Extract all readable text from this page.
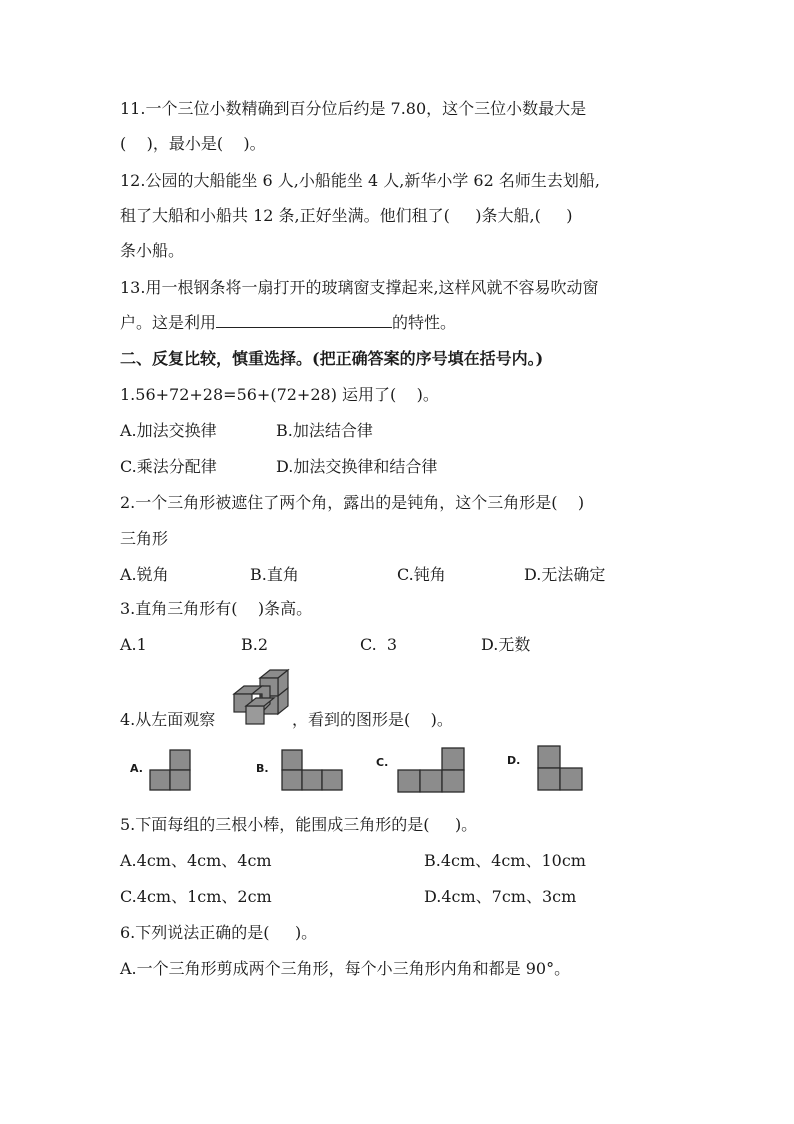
11.一个三位小数精确到百分位后约是 7.80，这个三位小数最大是
(    )，最小是(    )。
12.公园的大船能坐 6 人,小船能坐 4 人,新华小学 62 名师生去划船,
租了大船和小船共 12 条,正好坐满。他们租了(     )条大船,(     )
条小船。
13.用一根钢条将一扇打开的玻璃窗支撑起来,这样风就不容易吹动窗
户。这是利用	的特性。
二、反复比较，慎重选择。(把正确答案的序号填在括号内。)
1.56+72+28=56+(72+28) 运用了(    )。
A.加法交换律	B.加法结合律
C.乘法分配律	D.加法交换律和结合律
2.一个三角形被遮住了两个角，露出的是钝角，这个三角形是(    )
三角形
A.锐角	B.直角	C.钝角	D.无法确定
3.直角三角形有(    )条高。
A.1	B.2	C.  3	D.无数
4.从左面观察	，看到的图形是(    )。
A.	B.	C.	D.
5.下面每组的三根小棒，能围成三角形的是(     )。
A.4cm、4cm、4cm	B.4cm、4cm、10cm
C.4cm、1cm、2cm	D.4cm、7cm、3cm
6.下列说法正确的是(     )。
A.一个三角形剪成两个三角形，每个小三角形内角和都是 90°。
